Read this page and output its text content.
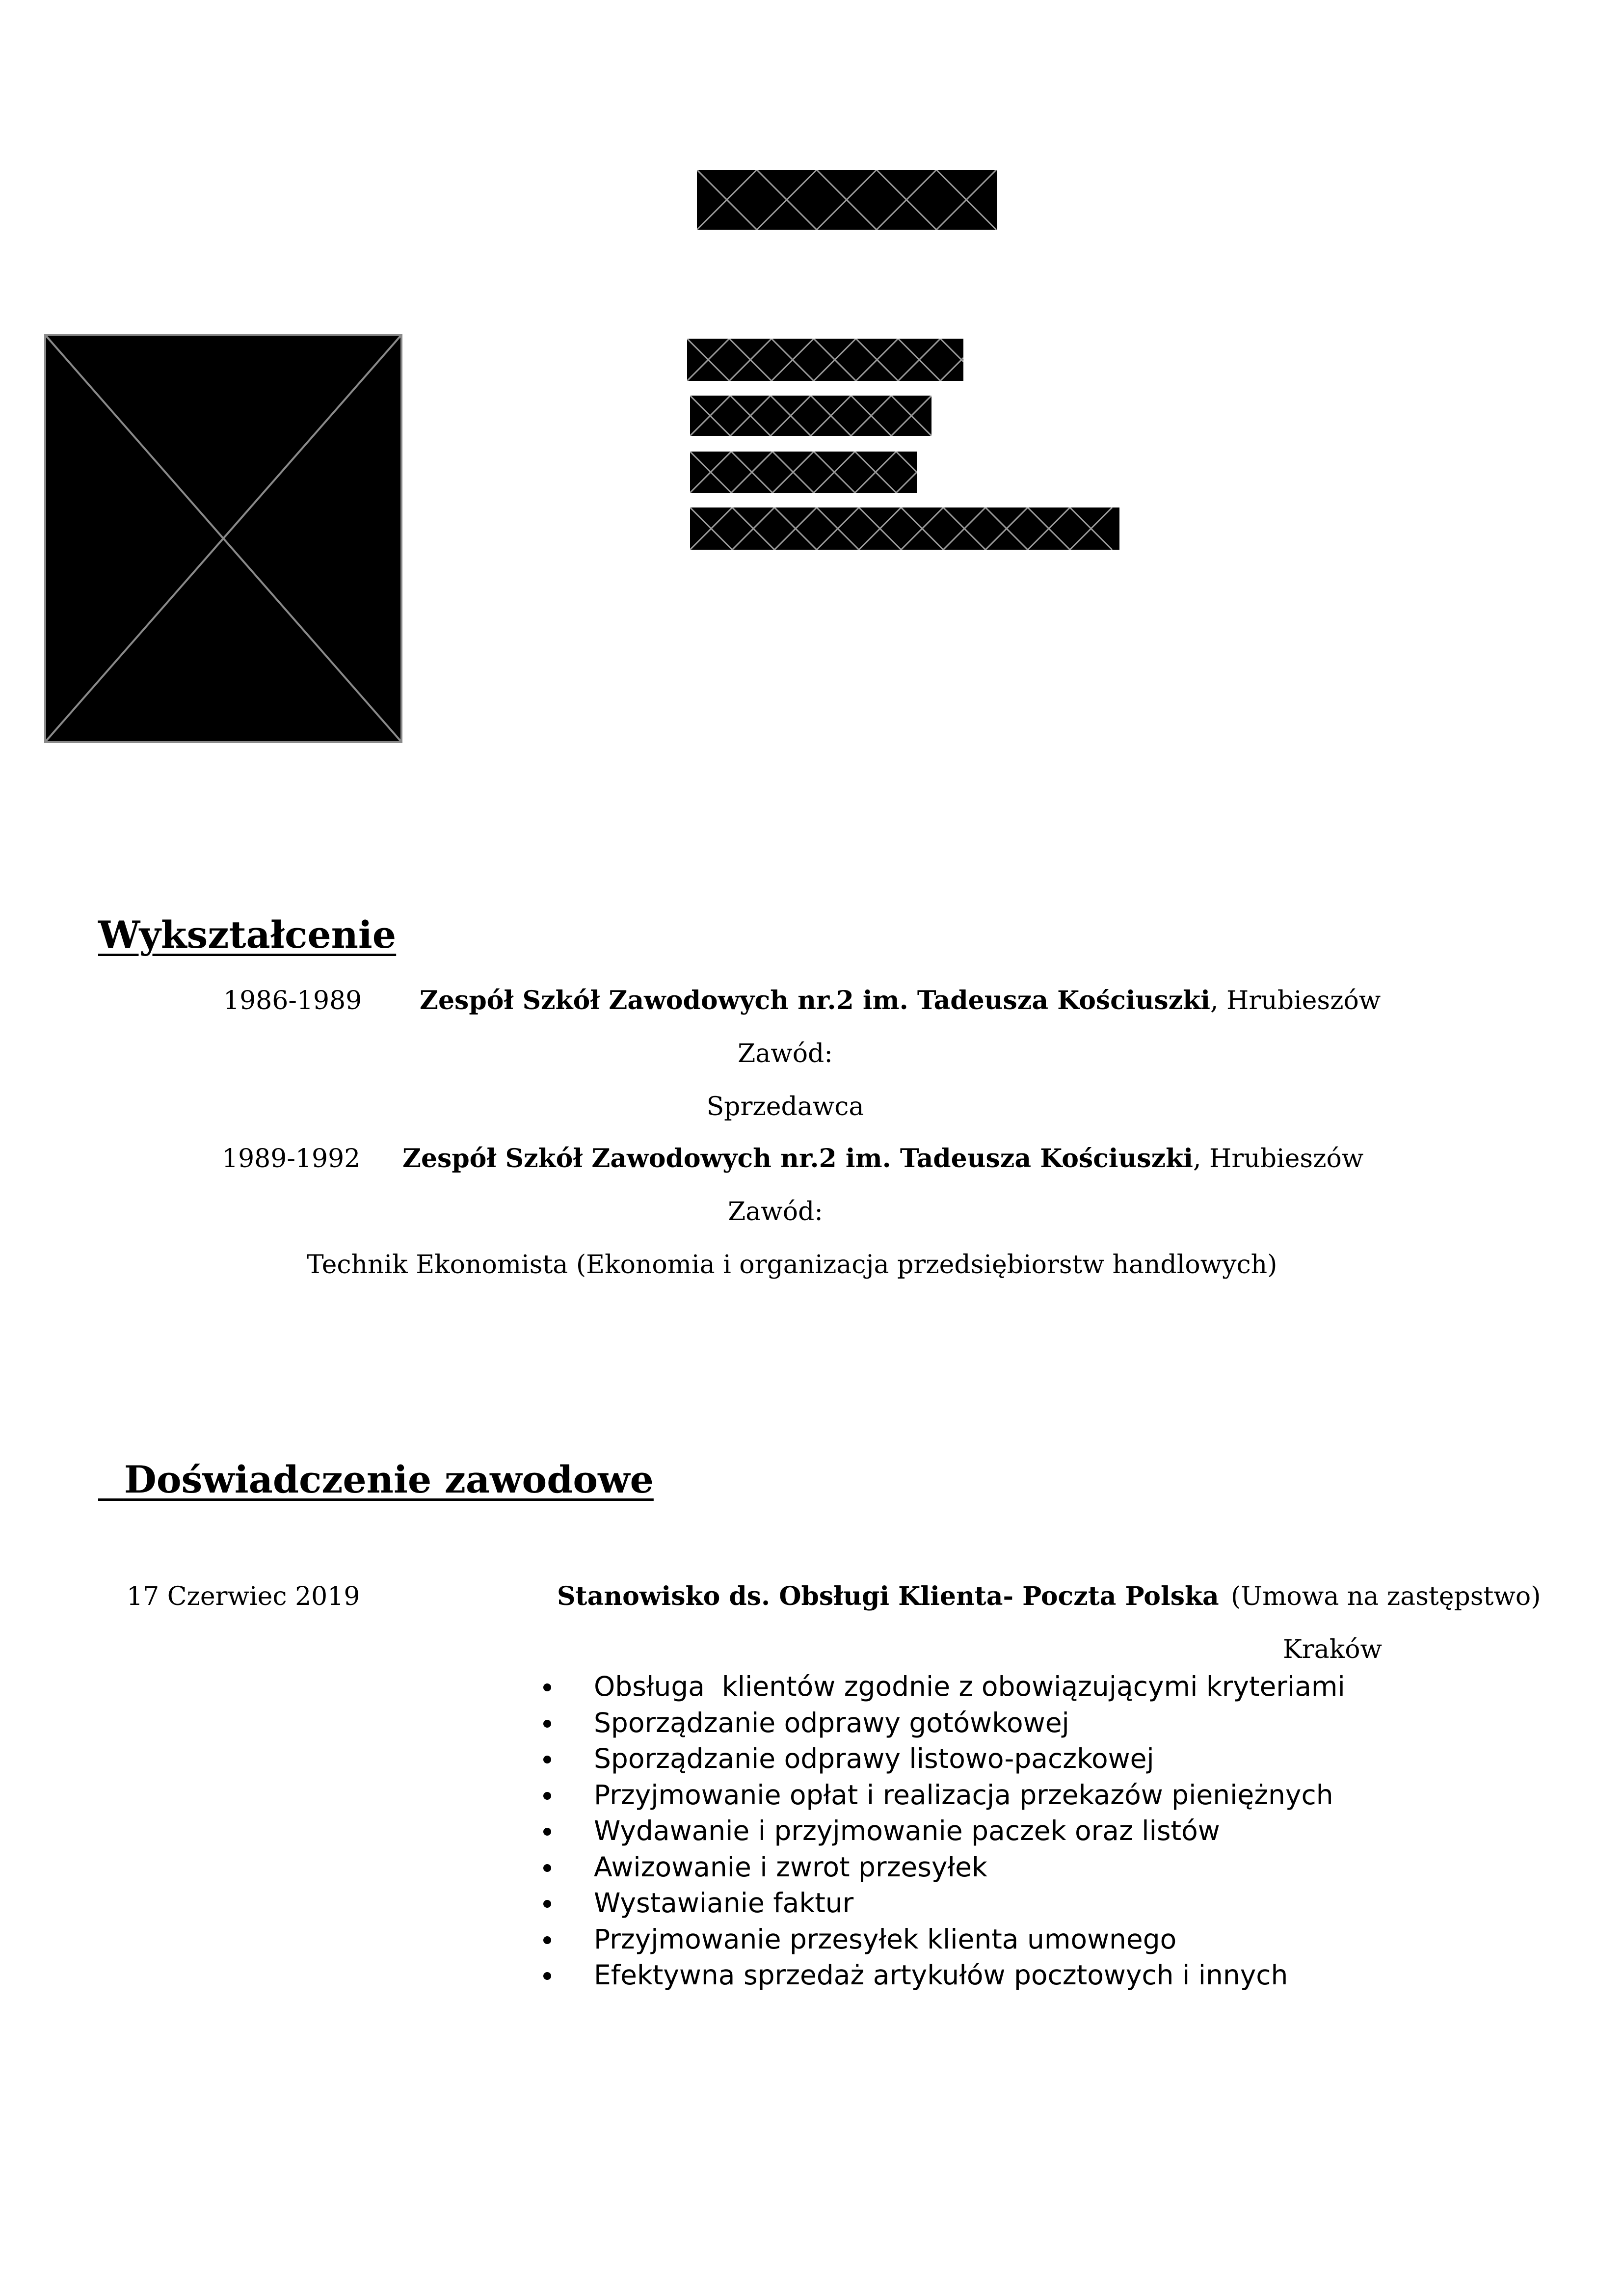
Wykształcenie
1986-1989 Zespół Szkół Zawodowych nr.2 im. Tadeusza Kościuszki, Hrubieszów
Zawód:
Sprzedawca
1989-1992 Zespół Szkół Zawodowych nr.2 im. Tadeusza Kościuszki, Hrubieszów
Zawód:
Technik Ekonomista (Ekonomia i organizacja przedsiębiorstw handlowych)
Doświadczenie zawodowe
17 Czerwiec 2019	Stanowisko ds. Obsługi Klienta- Poczta Polska (Umowa na zastępstwo)
Kraków
Obsługa  klientów zgodnie z obowiązującymi kryteriami
Sporządzanie odprawy gotówkowej
Sporządzanie odprawy listowo-paczkowej
Przyjmowanie opłat i realizacja przekazów pieniężnych
Wydawanie i przyjmowanie paczek oraz listów
Awizowanie i zwrot przesyłek
Wystawianie faktur
Przyjmowanie przesyłek klienta umownego
Efektywna sprzedaż artykułów pocztowych i innych
